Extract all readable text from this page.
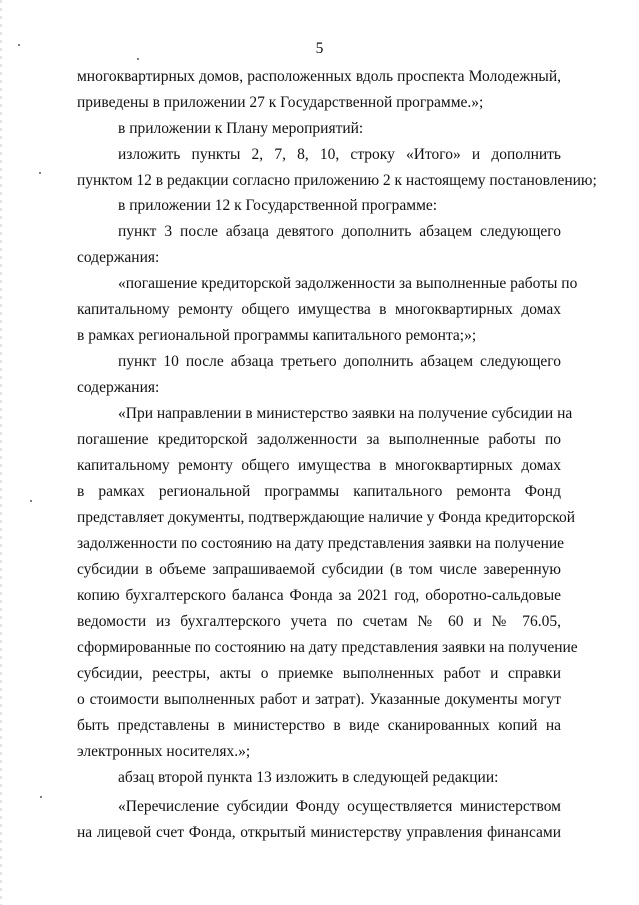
5
многоквартирных домов, расположенных вдоль проспекта Молодежный,
приведены в приложении 27 к Государственной программе.»;
в приложении к Плану мероприятий:
изложить пункты 2, 7, 8, 10, строку «Итого» и дополнить
пунктом 12 в редакции согласно приложению 2 к настоящему постановлению;
в приложении 12 к Государственной программе:
пункт 3 после абзаца девятого дополнить абзацем следующего
содержания:
«погашение кредиторской задолженности за выполненные работы по
капитальному ремонту общего имущества в многоквартирных домах
в рамках региональной программы капитального ремонта;»;
пункт 10 после абзаца третьего дополнить абзацем следующего
содержания:
«При направлении в министерство заявки на получение субсидии на
погашение кредиторской задолженности за выполненные работы по
капитальному ремонту общего имущества в многоквартирных домах
в рамках региональной программы капитального ремонта Фонд
представляет документы, подтверждающие наличие у Фонда кредиторской
задолженности по состоянию на дату представления заявки на получение
субсидии в объеме запрашиваемой субсидии (в том числе заверенную
копию бухгалтерского баланса Фонда за 2021 год, оборотно-сальдовые
ведомости из бухгалтерского учета по счетам № 60 и № 76.05,
сформированные по состоянию на дату представления заявки на получение
субсидии, реестры, акты о приемке выполненных работ и справки
о стоимости выполненных работ и затрат). Указанные документы могут
быть представлены в министерство в виде сканированных копий на
электронных носителях.»;
абзац второй пункта 13 изложить в следующей редакции:
«Перечисление субсидии Фонду осуществляется министерством
на лицевой счет Фонда, открытый министерству управления финансами
